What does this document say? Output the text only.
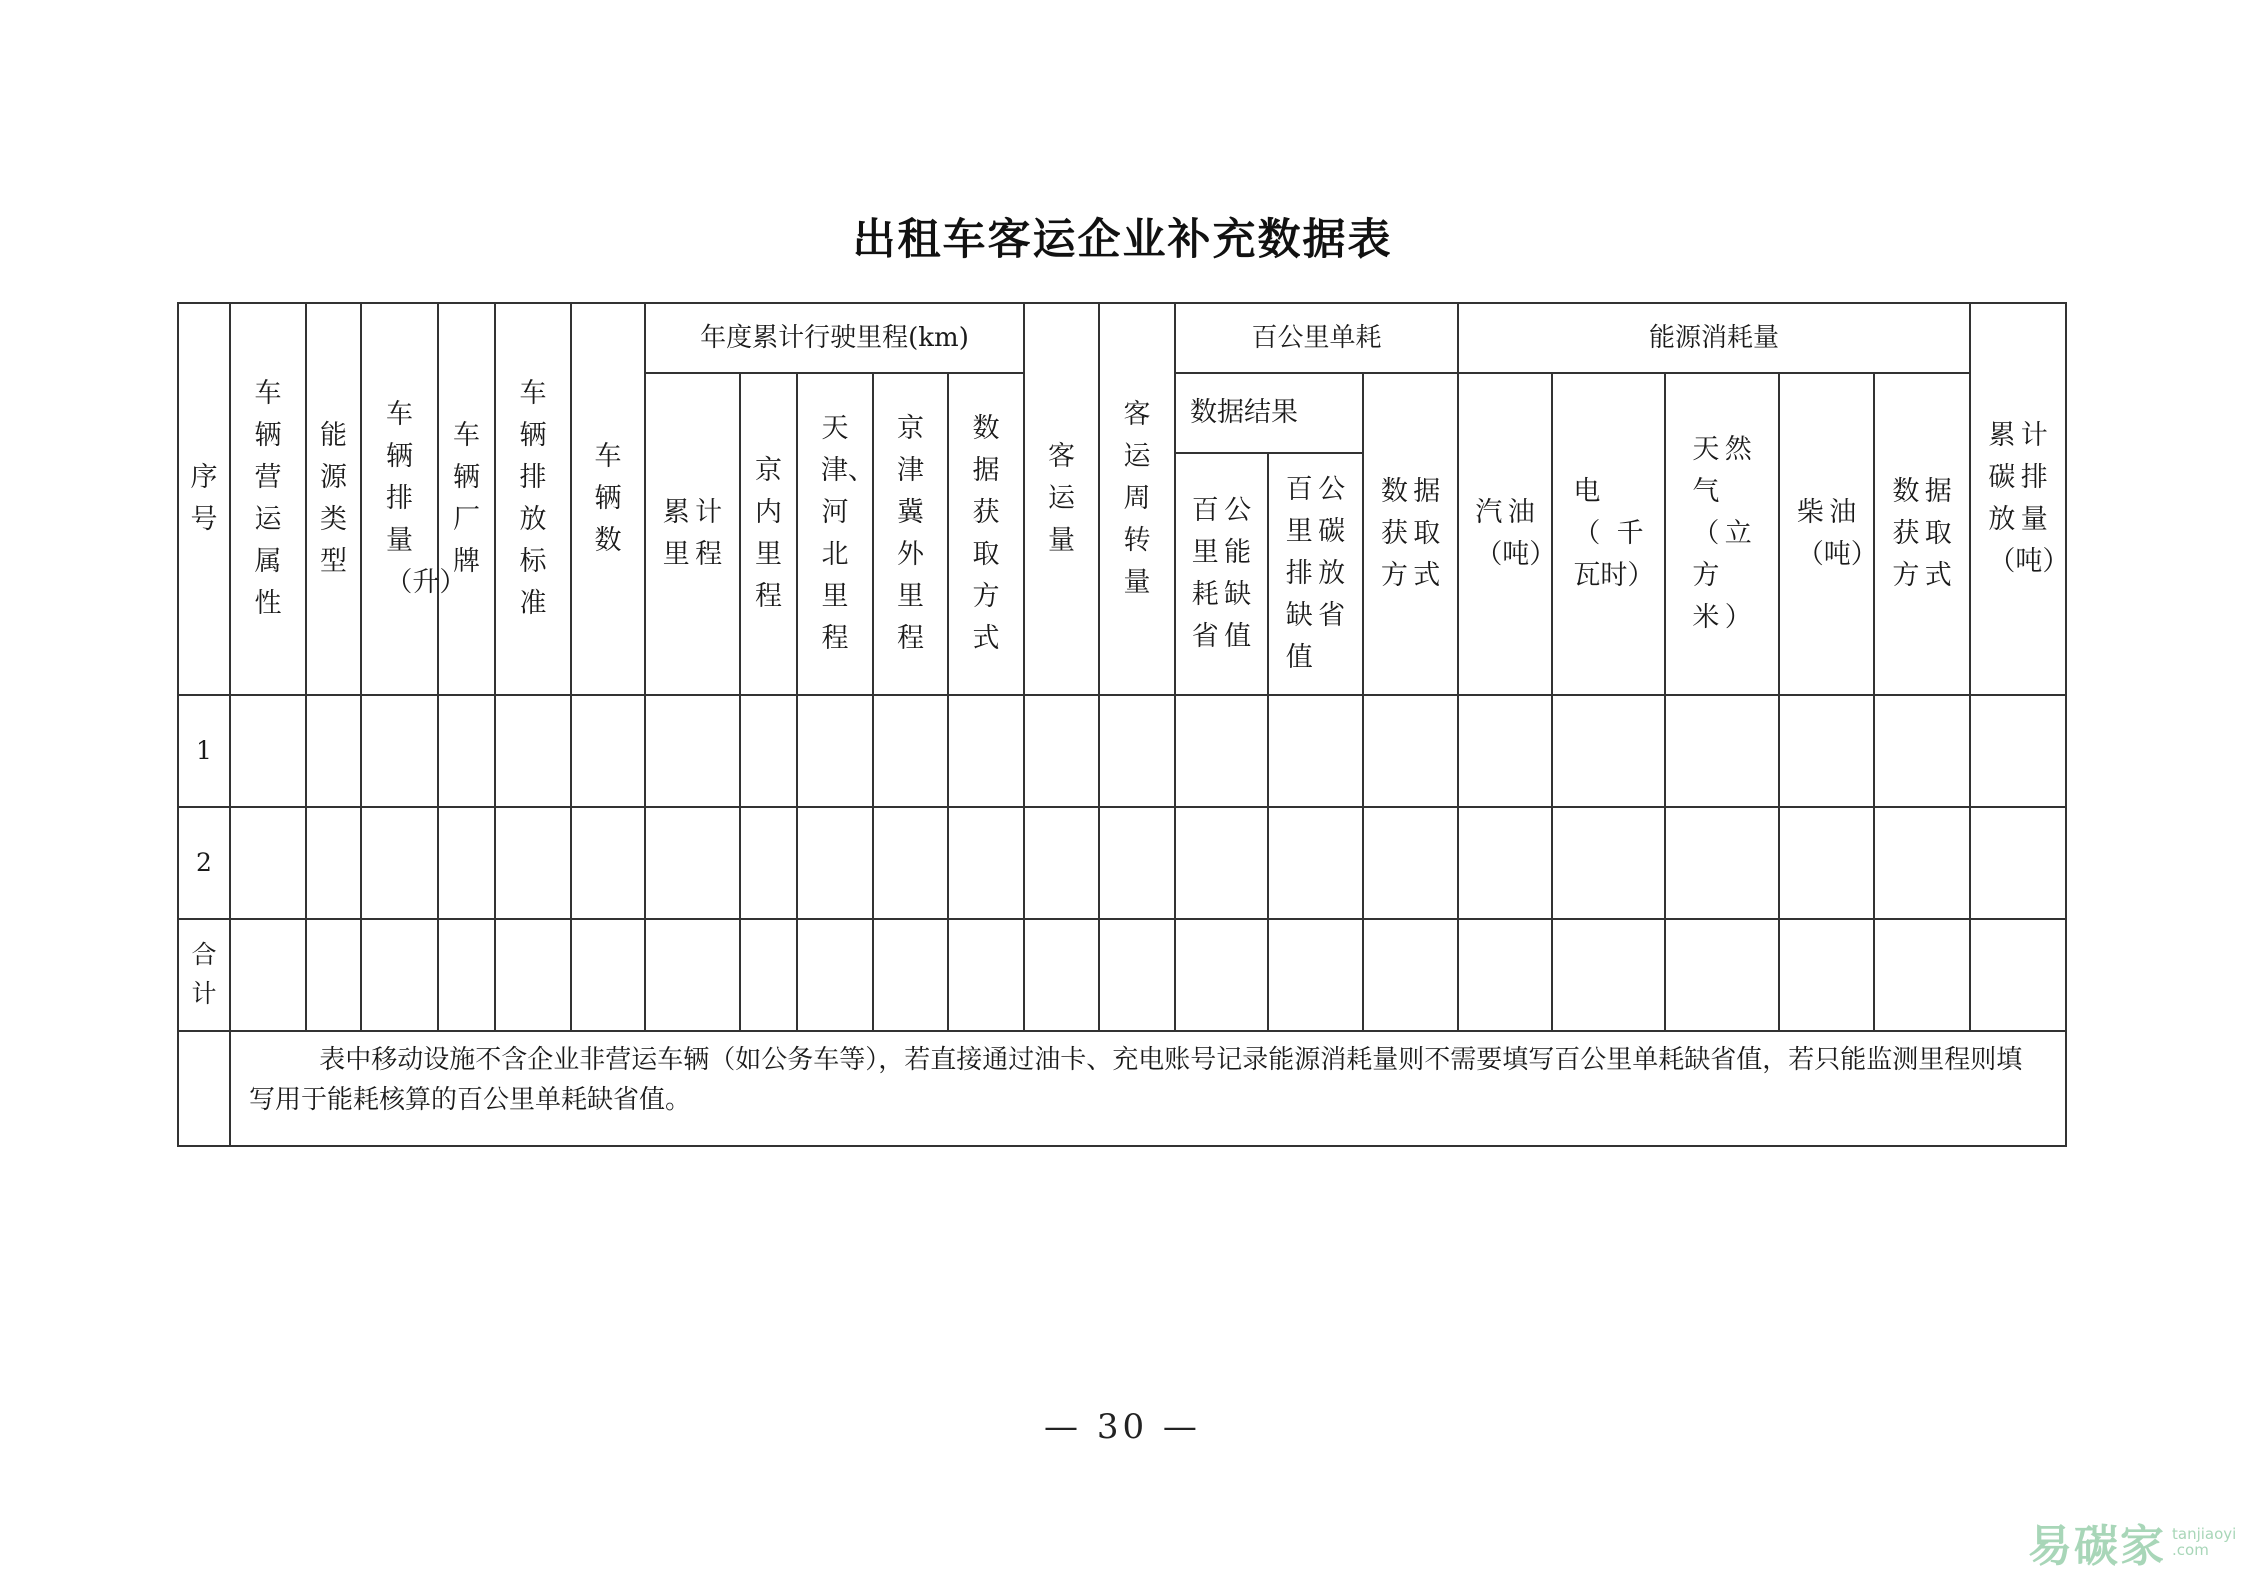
出租车客运企业补充数据表
序号	车辆营运属性	能源类型	车辆排量（升）	车辆厂牌	车辆排放标准	车辆数	年度累计行驶里程(km)					客运量	客运周转量	百公里单耗			能源消耗量					累计碳排放量（吨）
							累计里程	京内里程	天津、河北里程	京津冀外里程	数据获取方式			数据结果		数据获取方式	汽油（吨）	电（千瓦时）	天然气（立方米）	柴油（吨）	数据获取方式	
														百公里能耗缺省值	百公里碳排放缺省值							
1																						
2																						
合计																						
	表中移动设施不含企业非营运车辆（如公务车等），若直接通过油卡、充电账号记录能源消耗量则不需要填写百公里单耗缺省值，若只能监测里程则填写用于能耗核算的百公里单耗缺省值。																					
— 30 —
易碳家 tanjiaoyi
.com
